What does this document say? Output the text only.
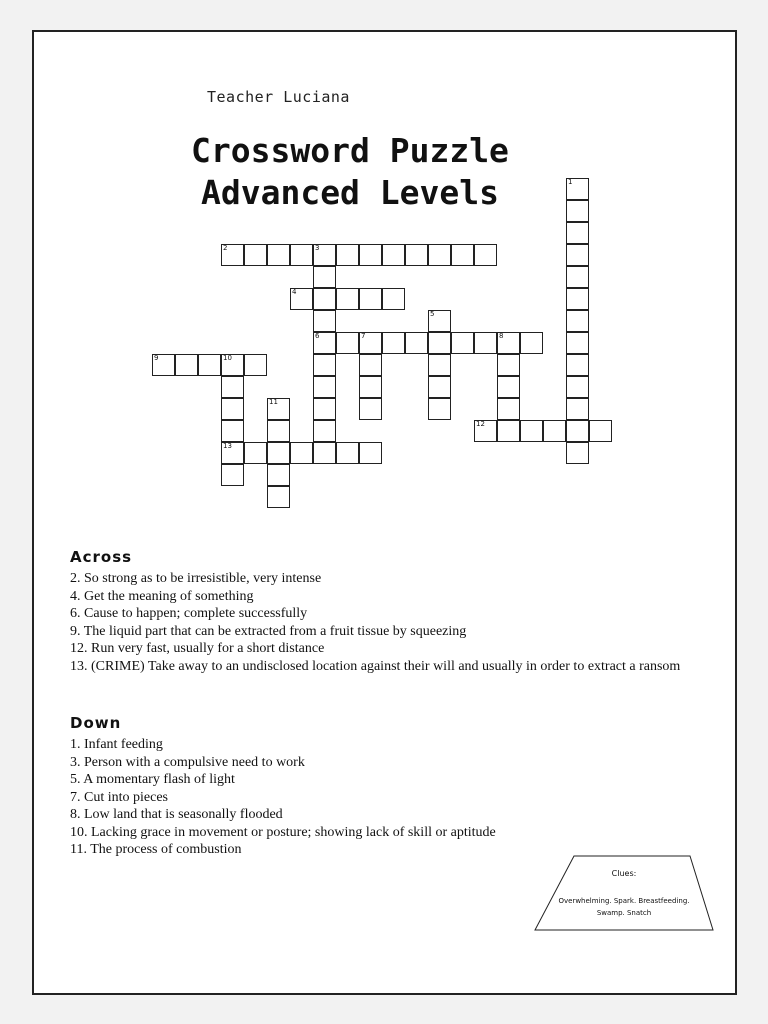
Teacher Luciana
Crossword Puzzle
Advanced Levels	1
2	3
6
4
5
7	8
9	10
13
11
12
Across

2. So strong as to be irresistible, very intense

4. Get the meaning of something

6. Cause to happen; complete successfully

9. The liquid part that can be extracted from a fruit tissue by squeezing

12. Run very fast, usually for a short distance

13. (CRIME) Take away to an undisclosed location against their will and usually in order to extract a ransom

Down

1. Infant feeding

3. Person with a compulsive need to work

5. A momentary flash of light

7. Cut into pieces

8. Low land that is seasonally flooded

10. Lacking grace in movement or posture; showing lack of skill or aptitude

11. The process of combustion

Clues:
Overwhelming. Spark. Breastfeeding. Swamp. Snatch
